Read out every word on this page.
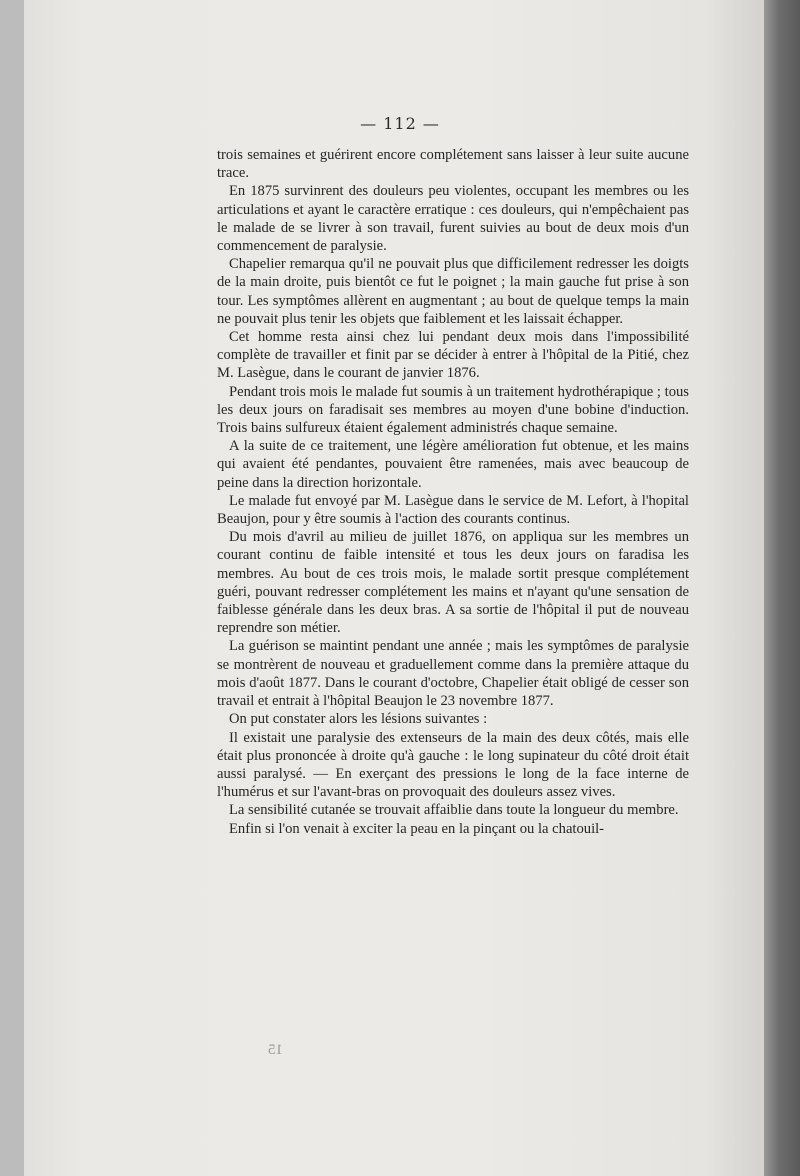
— 112 —

trois semaines et guérirent encore complétement sans laisser à leur suite aucune trace.

En 1875 survinrent des douleurs peu violentes, occupant les membres ou les articulations et ayant le caractère erratique : ces douleurs, qui n'empêchaient pas le malade de se livrer à son travail, furent suivies au bout de deux mois d'un commencement de paralysie.

Chapelier remarqua qu'il ne pouvait plus que difficilement redresser les doigts de la main droite, puis bientôt ce fut le poignet ; la main gauche fut prise à son tour. Les symptômes allèrent en augmentant ; au bout de quelque temps la main ne pouvait plus tenir les objets que faiblement et les laissait échapper.

Cet homme resta ainsi chez lui pendant deux mois dans l'impossibilité complète de travailler et finit par se décider à entrer à l'hôpital de la Pitié, chez M. Lasègue, dans le courant de janvier 1876.

Pendant trois mois le malade fut soumis à un traitement hydrothérapique ; tous les deux jours on faradisait ses membres au moyen d'une bobine d'induction. Trois bains sulfureux étaient également administrés chaque semaine.

A la suite de ce traitement, une légère amélioration fut obtenue, et les mains qui avaient été pendantes, pouvaient être ramenées, mais avec beaucoup de peine dans la direction horizontale.

Le malade fut envoyé par M. Lasègue dans le service de M. Lefort, à l'hopital Beaujon, pour y être soumis à l'action des courants continus.

Du mois d'avril au milieu de juillet 1876, on appliqua sur les membres un courant continu de faible intensité et tous les deux jours on faradisa les membres. Au bout de ces trois mois, le malade sortit presque complétement guéri, pouvant redresser complétement les mains et n'ayant qu'une sensation de faiblesse générale dans les deux bras. A sa sortie de l'hôpital il put de nouveau reprendre son métier.

La guérison se maintint pendant une année ; mais les symptômes de paralysie se montrèrent de nouveau et graduellement comme dans la première attaque du mois d'août 1877. Dans le courant d'octobre, Chapelier était obligé de cesser son travail et entrait à l'hôpital Beaujon le 23 novembre 1877.

On put constater alors les lésions suivantes :

Il existait une paralysie des extenseurs de la main des deux côtés, mais elle était plus prononcée à droite qu'à gauche : le long supinateur du côté droit était aussi paralysé. — En exerçant des pressions le long de la face interne de l'humérus et sur l'avant-bras on provoquait des douleurs assez vives.

La sensibilité cutanée se trouvait affaiblie dans toute la longueur du membre.

Enfin si l'on venait à exciter la peau en la pinçant ou la chatouil-

15
